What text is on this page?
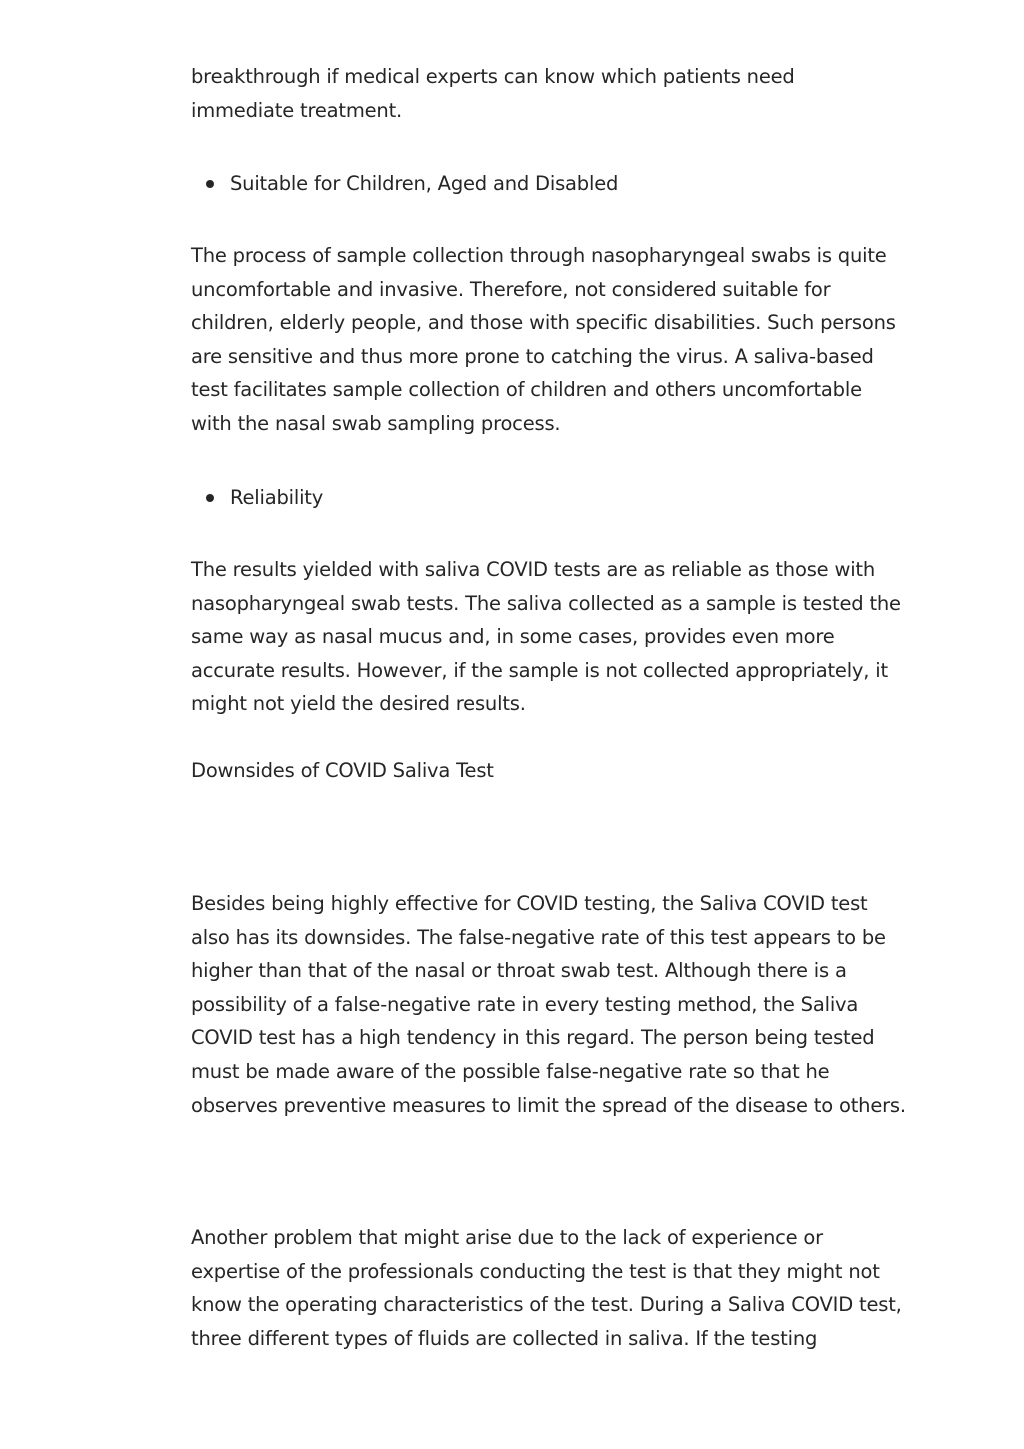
breakthrough if medical experts can know which patients need
immediate treatment.

Suitable for Children, Aged and Disabled

The process of sample collection through nasopharyngeal swabs is quite
uncomfortable and invasive. Therefore, not considered suitable for
children, elderly people, and those with specific disabilities. Such persons
are sensitive and thus more prone to catching the virus. A saliva-based
test facilitates sample collection of children and others uncomfortable
with the nasal swab sampling process.

Reliability

The results yielded with saliva COVID tests are as reliable as those with
nasopharyngeal swab tests. The saliva collected as a sample is tested the
same way as nasal mucus and, in some cases, provides even more
accurate results. However, if the sample is not collected appropriately, it
might not yield the desired results.

Downsides of COVID Saliva Test

Besides being highly effective for COVID testing, the Saliva COVID test
also has its downsides. The false-negative rate of this test appears to be
higher than that of the nasal or throat swab test. Although there is a
possibility of a false-negative rate in every testing method, the Saliva
COVID test has a high tendency in this regard. The person being tested
must be made aware of the possible false-negative rate so that he
observes preventive measures to limit the spread of the disease to others.

Another problem that might arise due to the lack of experience or
expertise of the professionals conducting the test is that they might not
know the operating characteristics of the test. During a Saliva COVID test,
three different types of fluids are collected in saliva. If the testing
